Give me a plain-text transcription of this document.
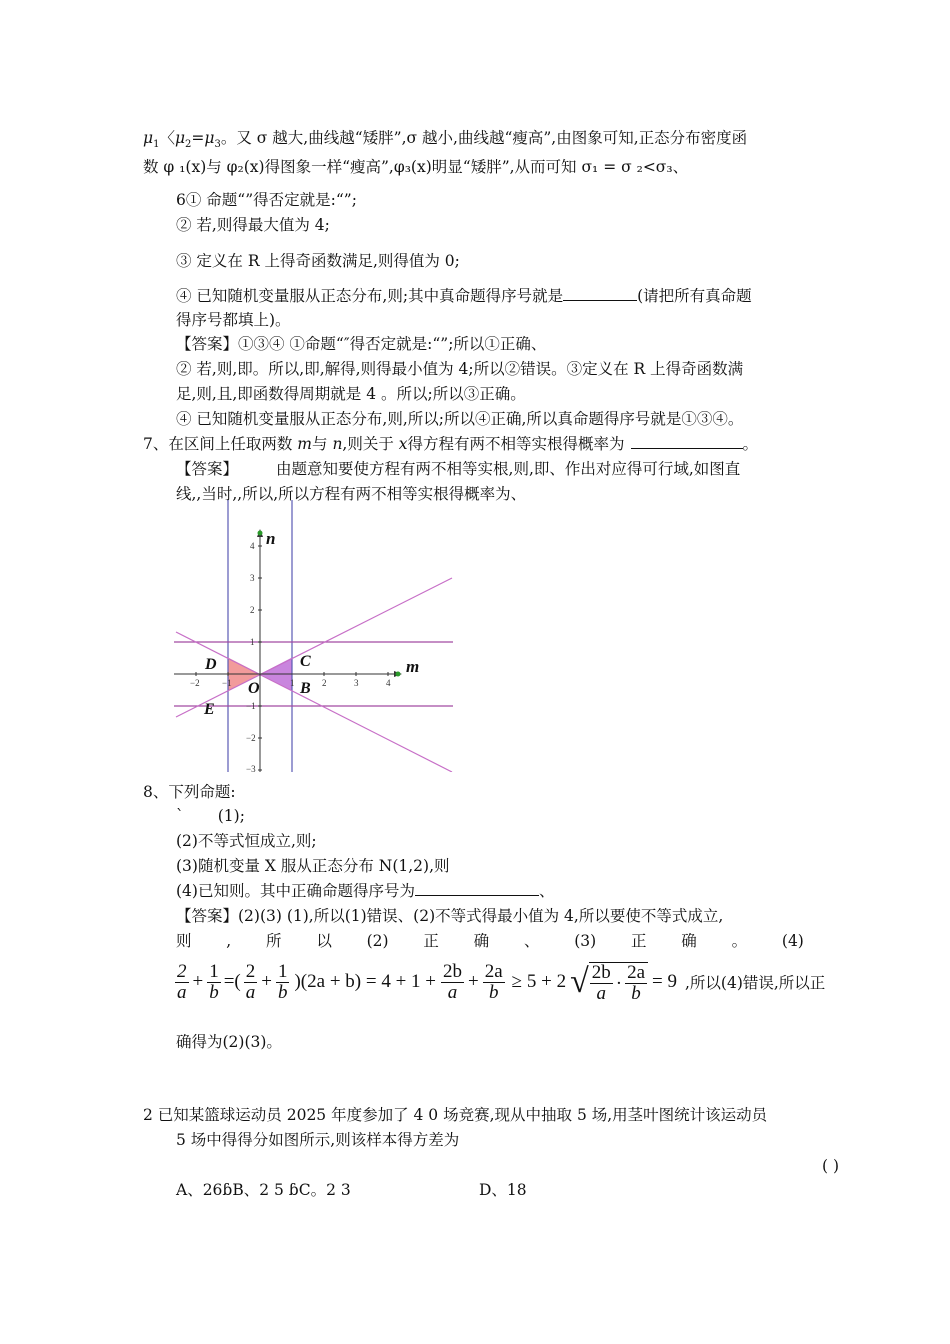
$\mu_1$〈$\mu_2=\mu_3$。又 σ 越大,曲线越“矮胖”,σ 越小,曲线越“瘦高”,由图象可知,正态分布密度函
数 φ ₁(x)与 φ₂(x)得图象一样“瘦高”,φ₃(x)明显“矮胖”,从而可知 σ₁ = σ ₂<σ₃、
6① 命题“”得否定就是:“”;
② 若,则得最大值为 4;
③ 定义在 R 上得奇函数满足,则得值为 0;
④ 已知随机变量服从正态分布,则;其中真命题得序号就是	(请把所有真命题
得序号都填上)。
【答案】①③④ ①命题“″得否定就是:“”;所以①正确、
② 若,则,即。所以,即,解得,则得最小值为 4;所以②错误。③定义在 R 上得奇函数满
足,则,且,即函数得周期就是 4 。所以;所以③正确。
④ 已知随机变量服从正态分布,则,所以;所以④正确,所以真命题得序号就是①③④。
7、在区间上任取两数 m与 n,则关于 x得方程有两不相等实根得概率为	。
【答案】 由题意知要使方程有两不相等实根,则,即、作出对应得可行域,如图直
线,,当时,,所以,所以方程有两不相等实根得概率为、
−2 −1	1	2	3	4
4
3
2
1
−1
−2
−3
n
m
D	C
O	B
E
8、下列命题:
` (1);
(2)不等式恒成立,则;
(3)随机变量 X 服从正态分布 N(1,2),则
(4)已知则。其中正确命题得序号为	、
【答案】(2)(3) (1),所以(1)错误、(2)不等式得最小值为 4,所以要使不等式成立,
则 , 所 以 (2) 正 确 、 (3) 正 确 。 (4)
$\frac{2}{a} + \frac{1}{b}$ =( $\frac{2}{a} + \frac{1}{b} )(2a + b) = 4 + 1 + \frac{2b}{a} + \frac{2a}{b} \ge 5 + 2$ √ $\frac{2b}{a} \cdot \frac{2a}{b} = 9$ ,所以(4)错误,所以正
确得为(2)(3)。
2 已知某篮球运动员 2025 年度参加了 4 0 场竞赛,现从中抽取 5 场,用茎叶图统计该运动员
5 场中得得分如图所示,则该样本得方差为
( )
A、26ɓB、2 5 ɓC。2 3	D、18
